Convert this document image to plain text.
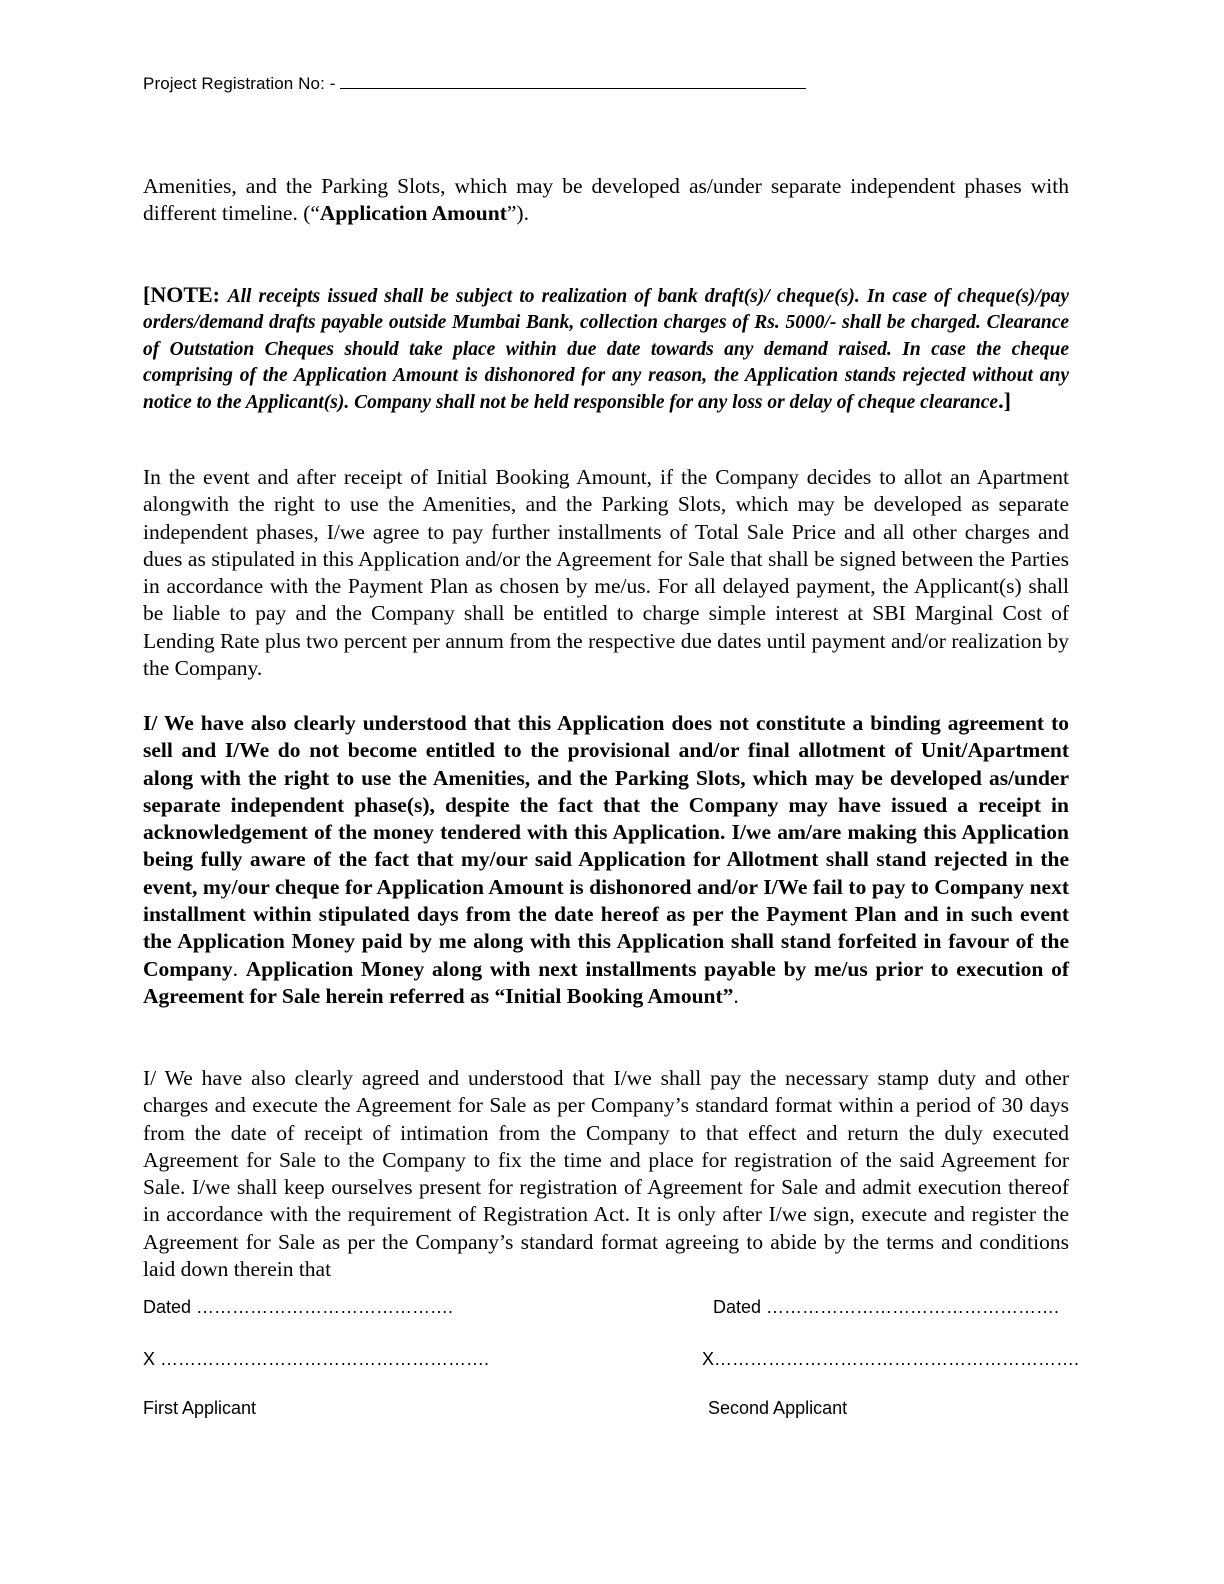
Project Registration No: -
Amenities, and the Parking Slots, which may be developed as/under separate independent phases with different timeline. (“Application Amount”).
[NOTE: All receipts issued shall be subject to realization of bank draft(s)/ cheque(s). In case of cheque(s)/pay orders/demand drafts payable outside Mumbai Bank, collection charges of Rs. 5000/- shall be charged. Clearance of Outstation Cheques should take place within due date towards any demand raised. In case the cheque comprising of the Application Amount is dishonored for any reason, the Application stands rejected without any notice to the Applicant(s). Company shall not be held responsible for any loss or delay of cheque clearance.]
In the event and after receipt of Initial Booking Amount, if the Company decides to allot an Apartment alongwith the right to use the Amenities, and the Parking Slots, which may be developed as separate independent phases, I/we agree to pay further installments of Total Sale Price and all other charges and dues as stipulated in this Application and/or the Agreement for Sale that shall be signed between the Parties in accordance with the Payment Plan as chosen by me/us. For all delayed payment, the Applicant(s) shall be liable to pay and the Company shall be entitled to charge simple interest at SBI Marginal Cost of Lending Rate plus two percent per annum from the respective due dates until payment and/or realization by the Company.
I/ We have also clearly understood that this Application does not constitute a binding agreement to sell and I/We do not become entitled to the provisional and/or final allotment of Unit/Apartment along with the right to use the Amenities, and the Parking Slots, which may be developed as/under separate independent phase(s), despite the fact that the Company may have issued a receipt in acknowledgement of the money tendered with this Application. I/we am/are making this Application being fully aware of the fact that my/our said Application for Allotment shall stand rejected in the event, my/our cheque for Application Amount is dishonored and/or I/We fail to pay to Company next installment within stipulated days from the date hereof as per the Payment Plan and in such event the Application Money paid by me along with this Application shall stand forfeited in favour of the Company. Application Money along with next installments payable by me/us prior to execution of Agreement for Sale herein referred as “Initial Booking Amount”.
I/ We have also clearly agreed and understood that I/we shall pay the necessary stamp duty and other charges and execute the Agreement for Sale as per Company’s standard format within a period of 30 days from the date of receipt of intimation from the Company to that effect and return the duly executed Agreement for Sale to the Company to fix the time and place for registration of the said Agreement for Sale. I/we shall keep ourselves present for registration of Agreement for Sale and admit execution thereof in accordance with the requirement of Registration Act. It is only after I/we sign, execute and register the Agreement for Sale as per the Company’s standard format agreeing to abide by the terms and conditions laid down therein that
Dated …………………………………….	Dated ………………………………………….
X ……………………………………………….	X…………………………………………………….
First Applicant	Second Applicant
